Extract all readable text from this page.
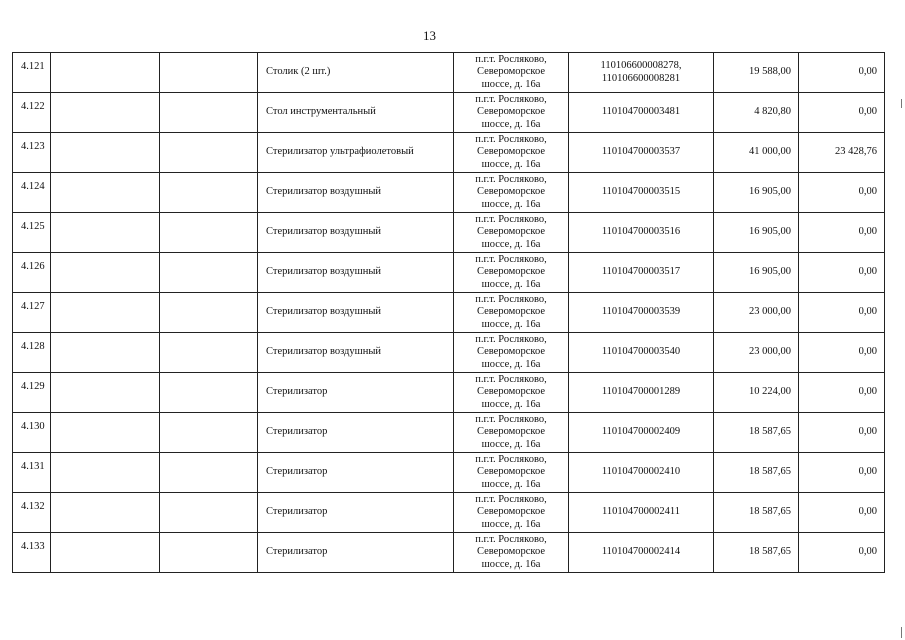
13
4.121			Столик (2 шт.)	п.г.т. Росляково,
Североморское
шоссе, д. 16а	110106600008278,
110106600008281	19 588,00	0,00
4.122			Стол инструментальный	п.г.т. Росляково,
Североморское
шоссе, д. 16а	110104700003481	4 820,80	0,00
4.123			Стерилизатор ультрафиолетовый	п.г.т. Росляково,
Североморское
шоссе, д. 16а	110104700003537	41 000,00	23 428,76
4.124			Стерилизатор воздушный	п.г.т. Росляково,
Североморское
шоссе, д. 16а	110104700003515	16 905,00	0,00
4.125			Стерилизатор воздушный	п.г.т. Росляково,
Североморское
шоссе, д. 16а	110104700003516	16 905,00	0,00
4.126			Стерилизатор воздушный	п.г.т. Росляково,
Североморское
шоссе, д. 16а	110104700003517	16 905,00	0,00
4.127			Стерилизатор воздушный	п.г.т. Росляково,
Североморское
шоссе, д. 16а	110104700003539	23 000,00	0,00
4.128			Стерилизатор воздушный	п.г.т. Росляково,
Североморское
шоссе, д. 16а	110104700003540	23 000,00	0,00
4.129			Стерилизатор	п.г.т. Росляково,
Североморское
шоссе, д. 16а	110104700001289	10 224,00	0,00
4.130			Стерилизатор	п.г.т. Росляково,
Североморское
шоссе, д. 16а	110104700002409	18 587,65	0,00
4.131			Стерилизатор	п.г.т. Росляково,
Североморское
шоссе, д. 16а	110104700002410	18 587,65	0,00
4.132			Стерилизатор	п.г.т. Росляково,
Североморское
шоссе, д. 16а	110104700002411	18 587,65	0,00
4.133			Стерилизатор	п.г.т. Росляково,
Североморское
шоссе, д. 16а	110104700002414	18 587,65	0,00
